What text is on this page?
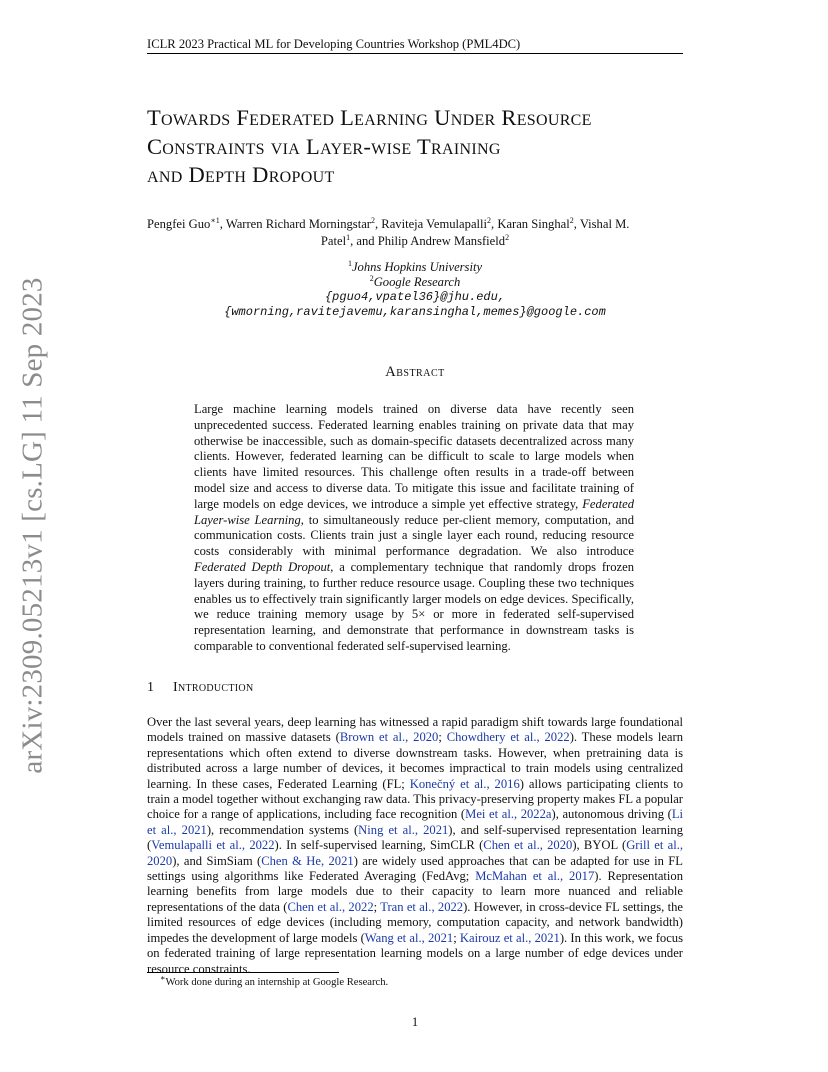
ICLR 2023 Practical ML for Developing Countries Workshop (PML4DC)
arXiv:2309.05213v1 [cs.LG] 11 Sep 2023
Towards Federated Learning Under Resource
Constraints via Layer-wise Training
and Depth Dropout
Pengfei Guo$^{∗1}$, Warren Richard Morningstar$^2$, Raviteja Vemulapalli$^2$, Karan Singhal$^2$, Vishal M.
Patel$^1$, and Philip Andrew Mansfield$^2$
$^1$Johns Hopkins University
$^2$Google Research
{pguo4,vpatel36}@jhu.edu,
{wmorning,ravitejavemu,karansinghal,memes}@google.com
Abstract

Large machine learning models trained on diverse data have recently seen unprecedented success. Federated learning enables training on private data that may otherwise be inaccessible, such as domain-specific datasets decentralized across many clients. However, federated learning can be difficult to scale to large models when clients have limited resources. This challenge often results in a trade-off between model size and access to diverse data. To mitigate this issue and facilitate training of large models on edge devices, we introduce a simple yet effective strategy, Federated Layer-wise Learning, to simultaneously reduce per-client memory, computation, and communication costs. Clients train just a single layer each round, reducing resource costs considerably with minimal performance degradation. We also introduce Federated Depth Dropout, a complementary technique that randomly drops frozen layers during training, to further reduce resource usage. Coupling these two techniques enables us to effectively train significantly larger models on edge devices. Specifically, we reduce training memory usage by 5× or more in federated self-supervised representation learning, and demonstrate that performance in downstream tasks is comparable to conventional federated self-supervised learning.

1 Introduction

Over the last several years, deep learning has witnessed a rapid paradigm shift towards large foundational models trained on massive datasets (Brown et al., 2020; Chowdhery et al., 2022). These models learn representations which often extend to diverse downstream tasks. However, when pretraining data is distributed across a large number of devices, it becomes impractical to train models using centralized learning. In these cases, Federated Learning (FL; Konečný et al., 2016) allows participating clients to train a model together without exchanging raw data. This privacy-preserving property makes FL a popular choice for a range of applications, including face recognition (Mei et al., 2022a), autonomous driving (Li et al., 2021), recommendation systems (Ning et al., 2021), and self-supervised representation learning (Vemulapalli et al., 2022). In self-supervised learning, SimCLR (Chen et al., 2020), BYOL (Grill et al., 2020), and SimSiam (Chen & He, 2021) are widely used approaches that can be adapted for use in FL settings using algorithms like Federated Averaging (FedAvg; McMahan et al., 2017). Representation learning benefits from large models due to their capacity to learn more nuanced and reliable representations of the data (Chen et al., 2022; Tran et al., 2022). However, in cross-device FL settings, the limited resources of edge devices (including memory, computation capacity, and network bandwidth) impedes the development of large models (Wang et al., 2021; Kairouz et al., 2021). In this work, we focus on federated training of large representation learning models on a large number of edge devices under resource constraints.

∗Work done during an internship at Google Research.
1
